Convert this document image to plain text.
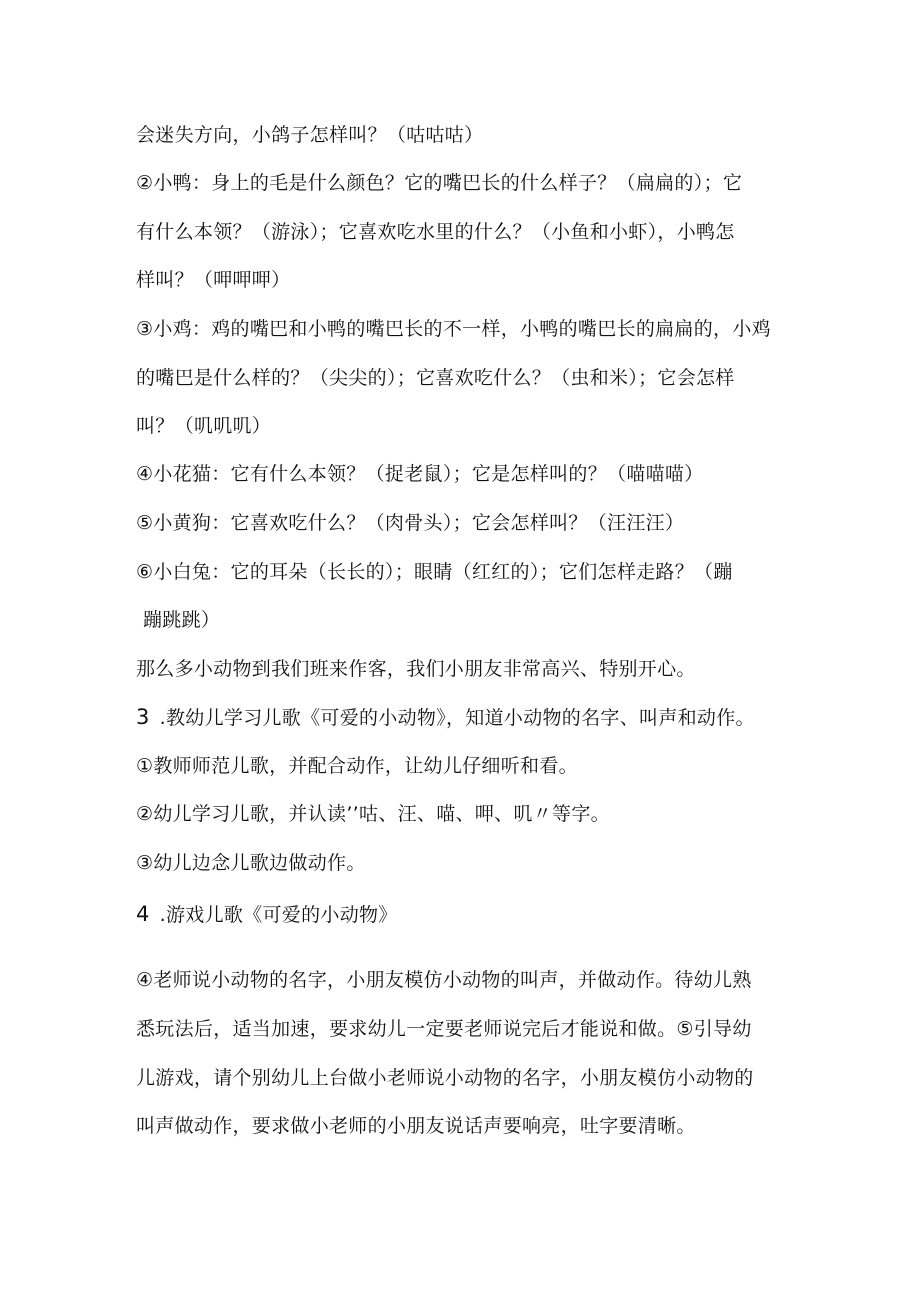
会迷失方向，小鸽子怎样叫？（咕咕咕）
②小鸭：身上的毛是什么颜色？它的嘴巴长的什么样子？（扁扁的）；它
有什么本领？（游泳）；它喜欢吃水里的什么？（小鱼和小虾），小鸭怎
样叫？（呷呷呷）
③小鸡：鸡的嘴巴和小鸭的嘴巴长的不一样，小鸭的嘴巴长的扁扁的，小鸡
的嘴巴是什么样的？（尖尖的）；它喜欢吃什么？（虫和米）；它会怎样
叫？（叽叽叽）
④小花猫：它有什么本领？（捉老鼠）；它是怎样叫的？（喵喵喵）
⑤小黄狗：它喜欢吃什么？（肉骨头）；它会怎样叫？（汪汪汪）
⑥小白兔：它的耳朵（长长的）；眼睛（红红的）；它们怎样走路？（蹦
蹦跳跳）
那么多小动物到我们班来作客，我们小朋友非常高兴、特别开心。
3 .教幼儿学习儿歌《可爱的小动物》，知道小动物的名字、叫声和动作。
①教师师范儿歌，并配合动作，让幼儿仔细听和看。
②幼儿学习儿歌，并认读’’咕、汪、喵、呷、叽〃等字。
③幼儿边念儿歌边做动作。
4 .游戏儿歌《可爱的小动物》
④老师说小动物的名字，小朋友模仿小动物的叫声，并做动作。待幼儿熟
悉玩法后，适当加速，要求幼儿一定要老师说完后才能说和做。⑤引导幼
儿游戏，请个别幼儿上台做小老师说小动物的名字，小朋友模仿小动物的
叫声做动作，要求做小老师的小朋友说话声要响亮，吐字要清晰。
